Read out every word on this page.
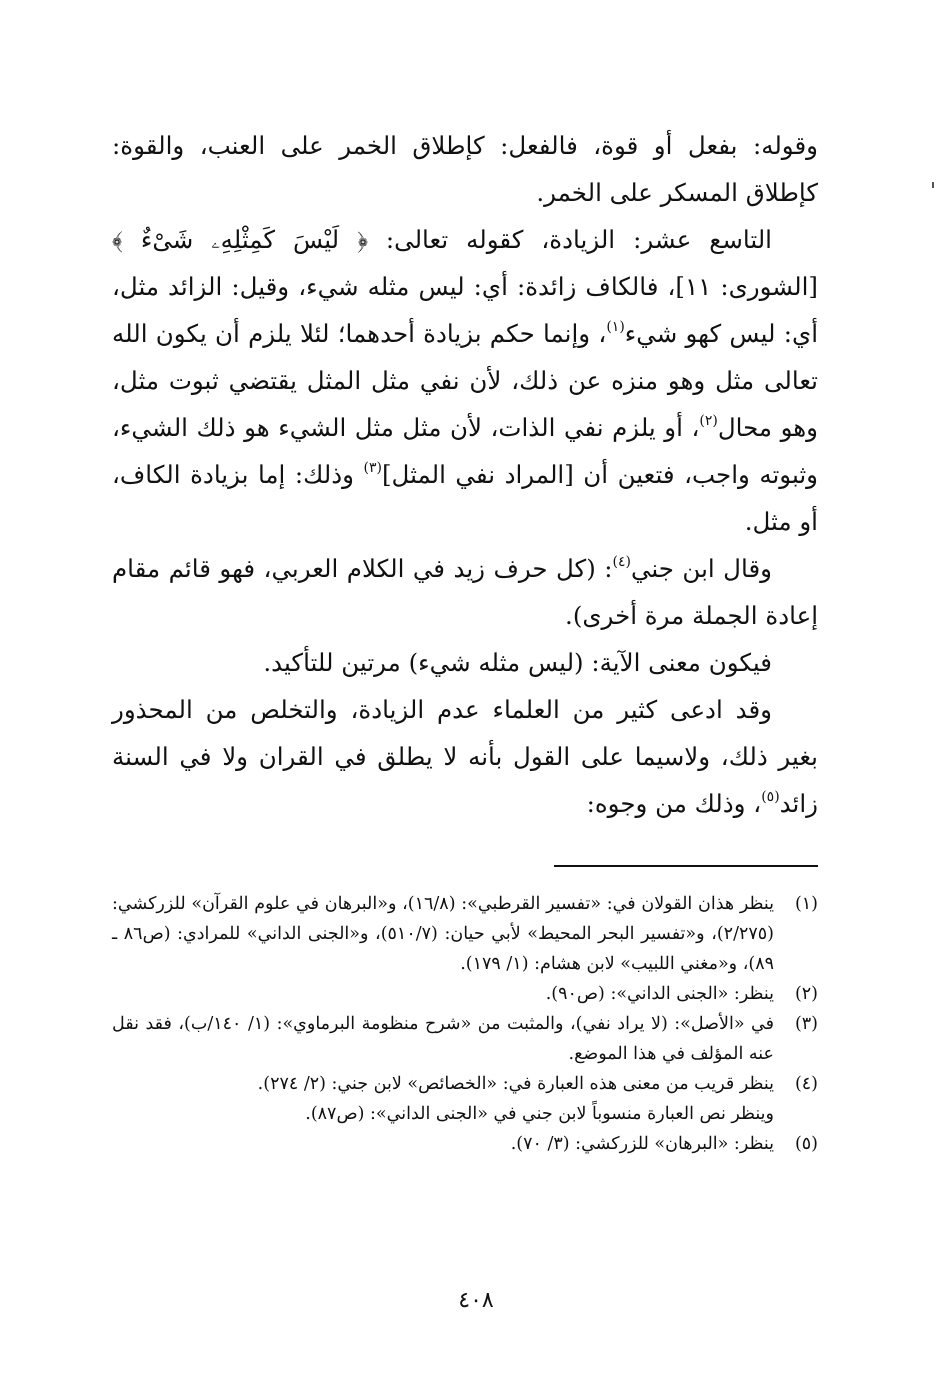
وقوله: بفعل أو قوة، فالفعل: كإطلاق الخمر على العنب، والقوة: كإطلاق المسكر على الخمر.

التاسع عشر: الزيادة، كقوله تعالى: ﴿ لَيْسَ كَمِثْلِهِۦ شَىْءٌ ﴾ [الشورى: ١١]، فالكاف زائدة: أي: ليس مثله شيء، وقيل: الزائد مثل، أي: ليس كهو شيء$^{(١)}$، وإنما حكم بزيادة أحدهما؛ لئلا يلزم أن يكون الله تعالى مثل وهو منزه عن ذلك، لأن نفي مثل المثل يقتضي ثبوت مثل، وهو محال$^{(٢)}$، أو يلزم نفي الذات، لأن مثل مثل الشيء هو ذلك الشيء، وثبوته واجب، فتعين أن [المراد نفي المثل]$^{(٣)}$ وذلك: إما بزيادة الكاف، أو مثل.

وقال ابن جني$^{(٤)}$: (كل حرف زيد في الكلام العربي، فهو قائم مقام إعادة الجملة مرة أخرى).

فيكون معنى الآية: (ليس مثله شيء) مرتين للتأكيد.

وقد ادعى كثير من العلماء عدم الزيادة، والتخلص من المحذور بغير ذلك، ولاسيما على القول بأنه لا يطلق في القران ولا في السنة زائد$^{(٥)}$، وذلك من وجوه:

(١)
ينظر هذان القولان في: «تفسير القرطبي»: (١٦/٨)، و«البرهان في علوم القرآن» للزركشي: (٢/٢٧٥)، و«تفسير البحر المحيط» لأبي حيان: (٥١٠/٧)، و«الجنى الداني» للمرادي: (ص٨٦ ـ ٨٩)، و«مغني اللبيب» لابن هشام: (١/ ١٧٩).
(٢)
ينظر: «الجنى الداني»: (ص٩٠).
(٣)
في «الأصل»: (لا يراد نفي)، والمثبت من «شرح منظومة البرماوي»: (١/ ١٤٠/ب)، فقد نقل عنه المؤلف في هذا الموضع.
(٤)
ينظر قريب من معنى هذه العبارة في: «الخصائص» لابن جني: (٢/ ٢٧٤).
وينظر نص العبارة منسوباً لابن جني في «الجنى الداني»: (ص٨٧).
(٥)
ينظر: «البرهان» للزركشي: (٣/ ٧٠).
٤٠٨
